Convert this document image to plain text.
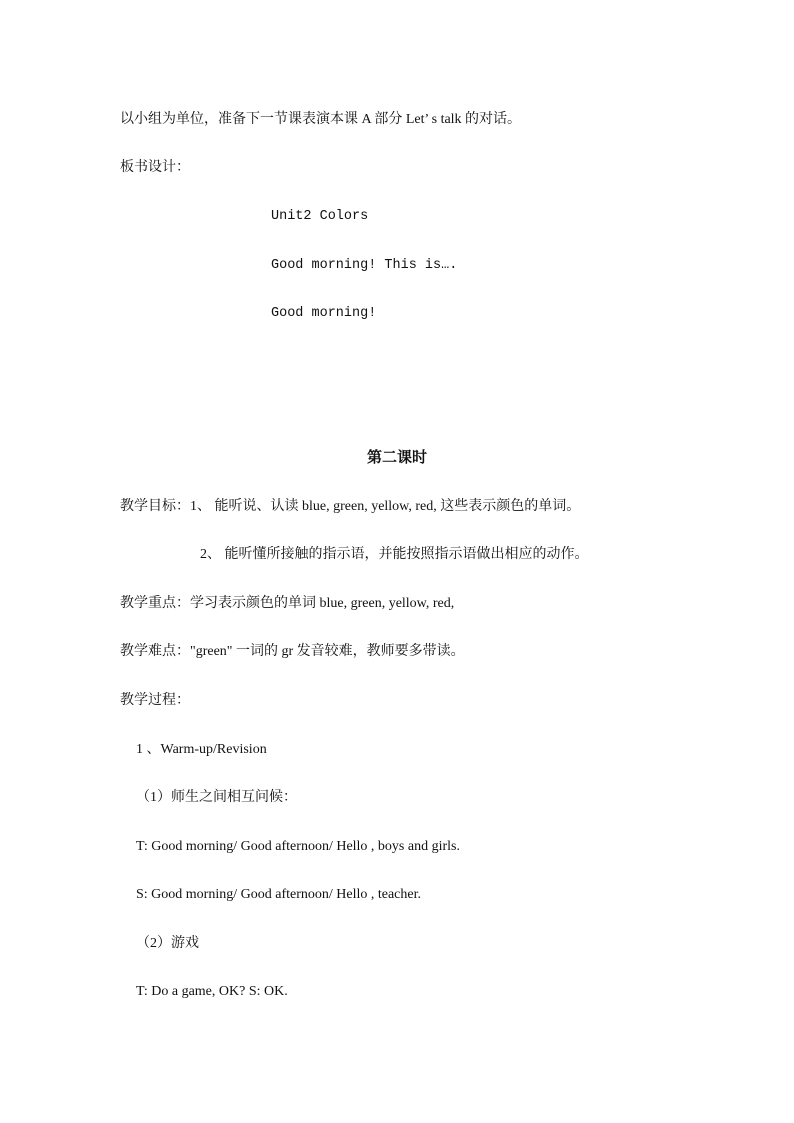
以小组为单位，准备下一节课表演本课 A 部分 Let’ s talk 的对话。
板书设计：
Unit2 Colors
Good morning! This is….
Good morning!
第二课时
教学目标：1、 能听说、认读 blue, green, yellow, red, 这些表示颜色的单词。
2、 能听懂所接触的指示语，并能按照指示语做出相应的动作。
教学重点：学习表示颜色的单词 blue, green, yellow, red,
教学难点："green" 一词的 gr 发音较难，教师要多带读。
教学过程：
1 、Warm-up/Revision
（1）师生之间相互问候：
T: Good morning/ Good afternoon/ Hello , boys and girls.
S: Good morning/ Good afternoon/ Hello , teacher.
（2）游戏
T: Do a game, OK? S: OK.
